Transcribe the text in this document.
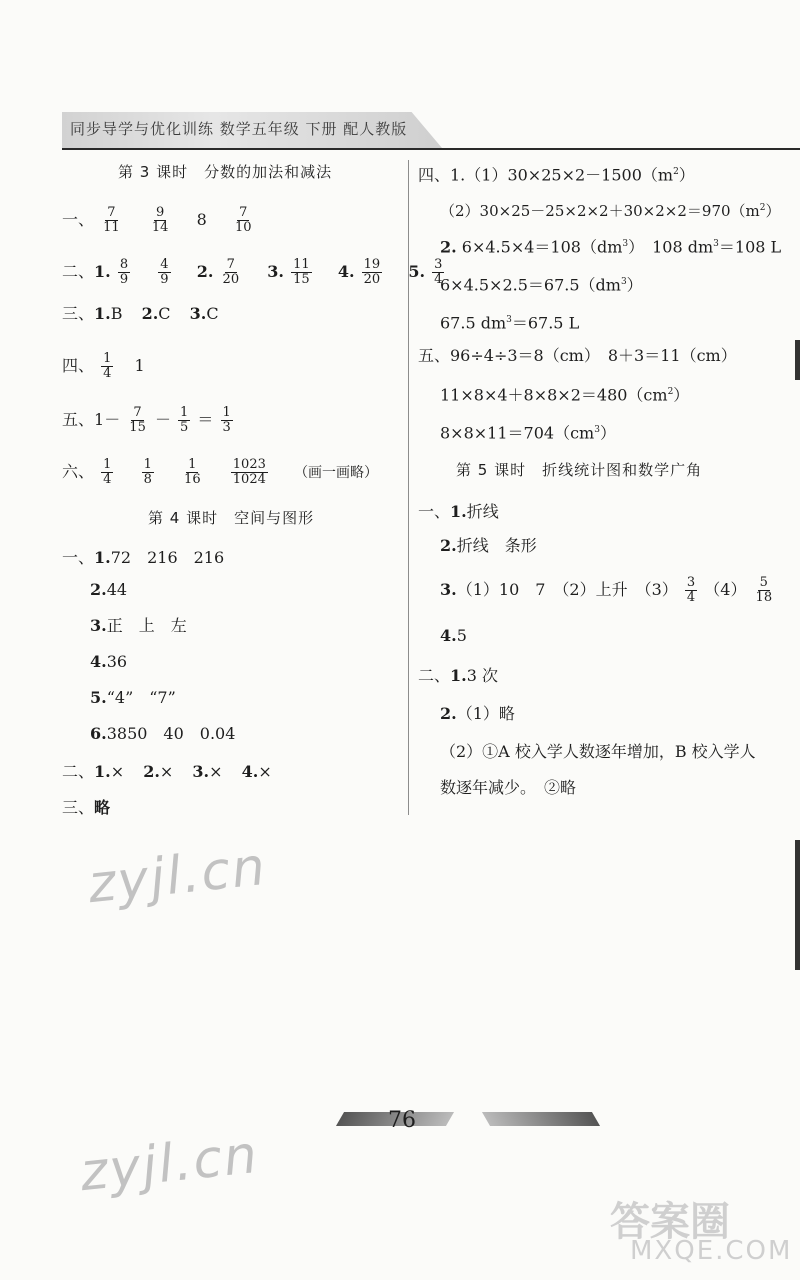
同步导学与优化训练 数学五年级 下册 配人教版
第 3 课时　分数的加法和减法
一、 $\frac{7}{11}$
$\frac{9}{14} 8 \frac{7}{10}$
二、1. $\frac{8}{9}$
$\frac{4}{9} 2$. $\frac{7}{20} 3$. $\frac{11}{15} 4$. $\frac{19}{20} 5$. $\frac{3}{4}$
三、1.B 2.C 3.C
四、 $\frac{1}{4} 1$
五、$1- \frac{7}{15} - \frac{1}{5} = \frac{1}{3}$
六、 $\frac{1}{4}$
$\frac{1}{8}$
$\frac{1}{16}$
$\frac{1023}{1024}$ （画一画略）
第 4 课时　空间与图形
一、1.72　216　216
2.44
3.正　上　左
4.36
5.“4”　“7”
6.3850　40　0.04
二、1.× 2.× 3.× 4.×
三、略
四、$1.(1)30\times 25\times 2-1500(m^2)$
$(2)30\times 25-25\times 2\times 2+30\times 2\times 2=970(m^2)$
2. $6\times 4.5\times 4=108(dm^3)$　108 $dm^3=108$ L
$6\times 4.5\times 2.5=67.5(dm^3)$
67.5 $dm^3=67.5$ L
五、96÷4÷3＝8（cm）　8＋3＝11（cm）
$11\times 8\times 4+8\times 8\times 2=480(cm^2)$
$8\times 8\times 11=704(cm^3)$
第 5 课时　折线统计图和数学广角
一、1.折线
2.折线　条形
3.（1）10　7　（2）上升　$(3) \frac{3}{4} (4) \frac{5}{18}$
4.5
二、1.3 次
2.（1）略
（2）①A 校入学人数逐年增加，B 校入学人
数逐年减少。　②略
zyjl.cn
zyjl.cn
76
答案圈
MXQE.COM
